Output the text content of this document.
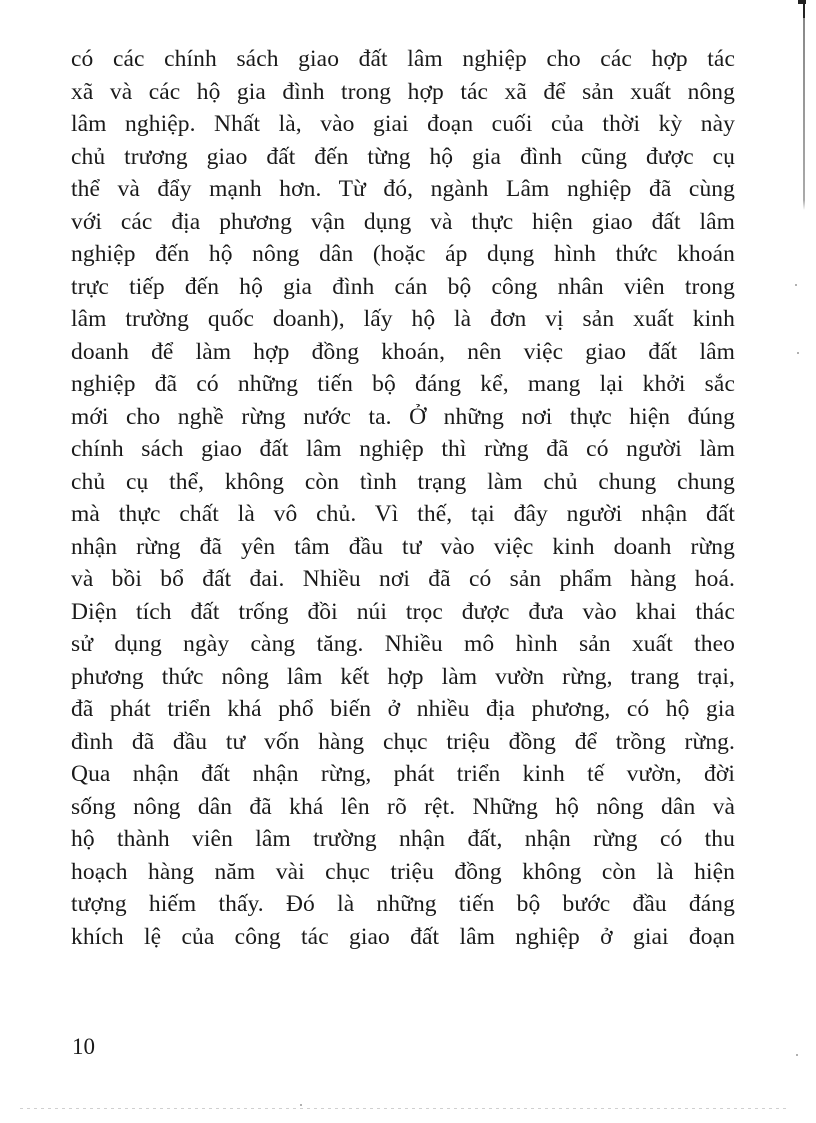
có các chính sách giao đất lâm nghiệp cho các hợp tác
xã và các hộ gia đình trong hợp tác xã để sản xuất nông
lâm nghiệp. Nhất là, vào giai đoạn cuối của thời kỳ này
chủ trương giao đất đến từng hộ gia đình cũng được cụ
thể và đẩy mạnh hơn. Từ đó, ngành Lâm nghiệp đã cùng
với các địa phương vận dụng và thực hiện giao đất lâm
nghiệp đến hộ nông dân (hoặc áp dụng hình thức khoán
trực tiếp đến hộ gia đình cán bộ công nhân viên trong
lâm trường quốc doanh), lấy hộ là đơn vị sản xuất kinh
doanh để làm hợp đồng khoán, nên việc giao đất lâm
nghiệp đã có những tiến bộ đáng kể, mang lại khởi sắc
mới cho nghề rừng nước ta. Ở những nơi thực hiện đúng
chính sách giao đất lâm nghiệp thì rừng đã có người làm
chủ cụ thể, không còn tình trạng làm chủ chung chung
mà thực chất là vô chủ. Vì thế, tại đây người nhận đất
nhận rừng đã yên tâm đầu tư vào việc kinh doanh rừng
và bồi bổ đất đai. Nhiều nơi đã có sản phẩm hàng hoá.
Diện tích đất trống đồi núi trọc được đưa vào khai thác
sử dụng ngày càng tăng. Nhiều mô hình sản xuất theo
phương thức nông lâm kết hợp làm vườn rừng, trang trại,
đã phát triển khá phổ biến ở nhiều địa phương, có hộ gia
đình đã đầu tư vốn hàng chục triệu đồng để trồng rừng.
Qua nhận đất nhận rừng, phát triển kinh tế vườn, đời
sống nông dân đã khá lên rõ rệt. Những hộ nông dân và
hộ thành viên lâm trường nhận đất, nhận rừng có thu
hoạch hàng năm vài chục triệu đồng không còn là hiện
tượng hiếm thấy. Đó là những tiến bộ bước đầu đáng
khích lệ của công tác giao đất lâm nghiệp ở giai đoạn
10
